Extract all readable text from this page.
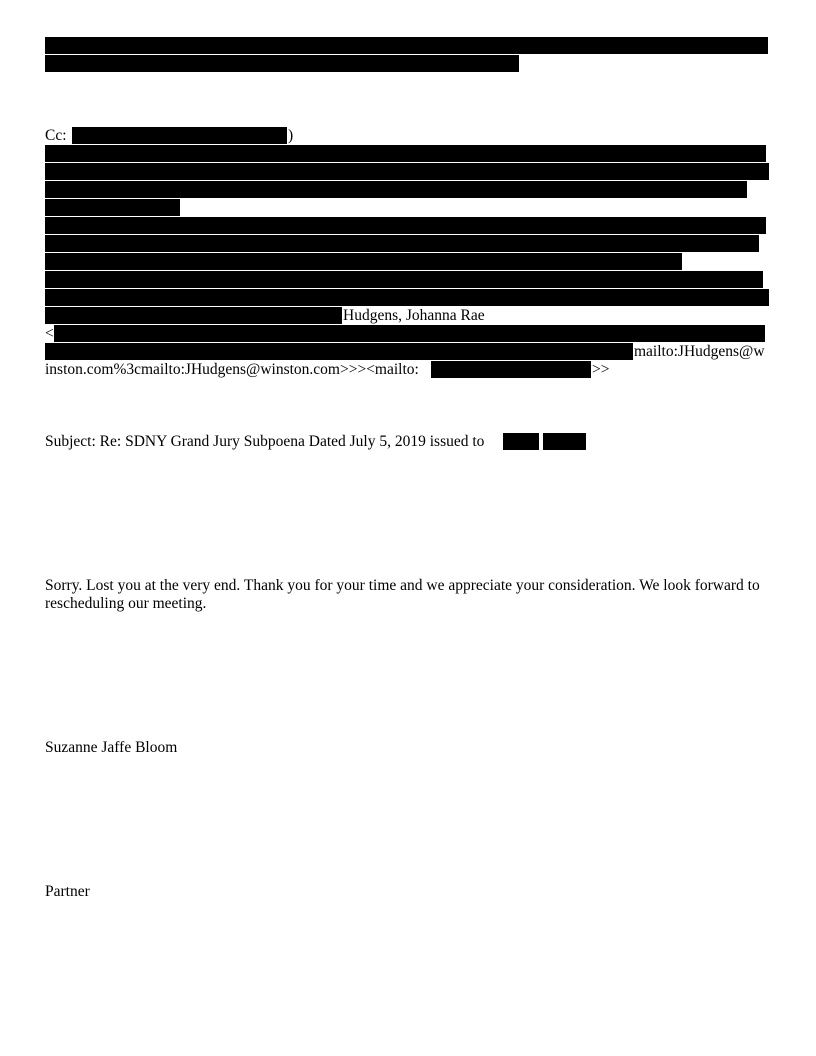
Cc:	)
Hudgens, Johanna Rae
<
mailto:JHudgens@w
inston.com%3cmailto:JHudgens@winston.com>>><mailto:	>>
Subject: Re: SDNY Grand Jury Subpoena Dated July 5, 2019 issued to
Sorry. Lost you at the very end. Thank you for your time and we appreciate your consideration. We look forward to rescheduling our meeting.
Suzanne Jaffe Bloom
Partner
